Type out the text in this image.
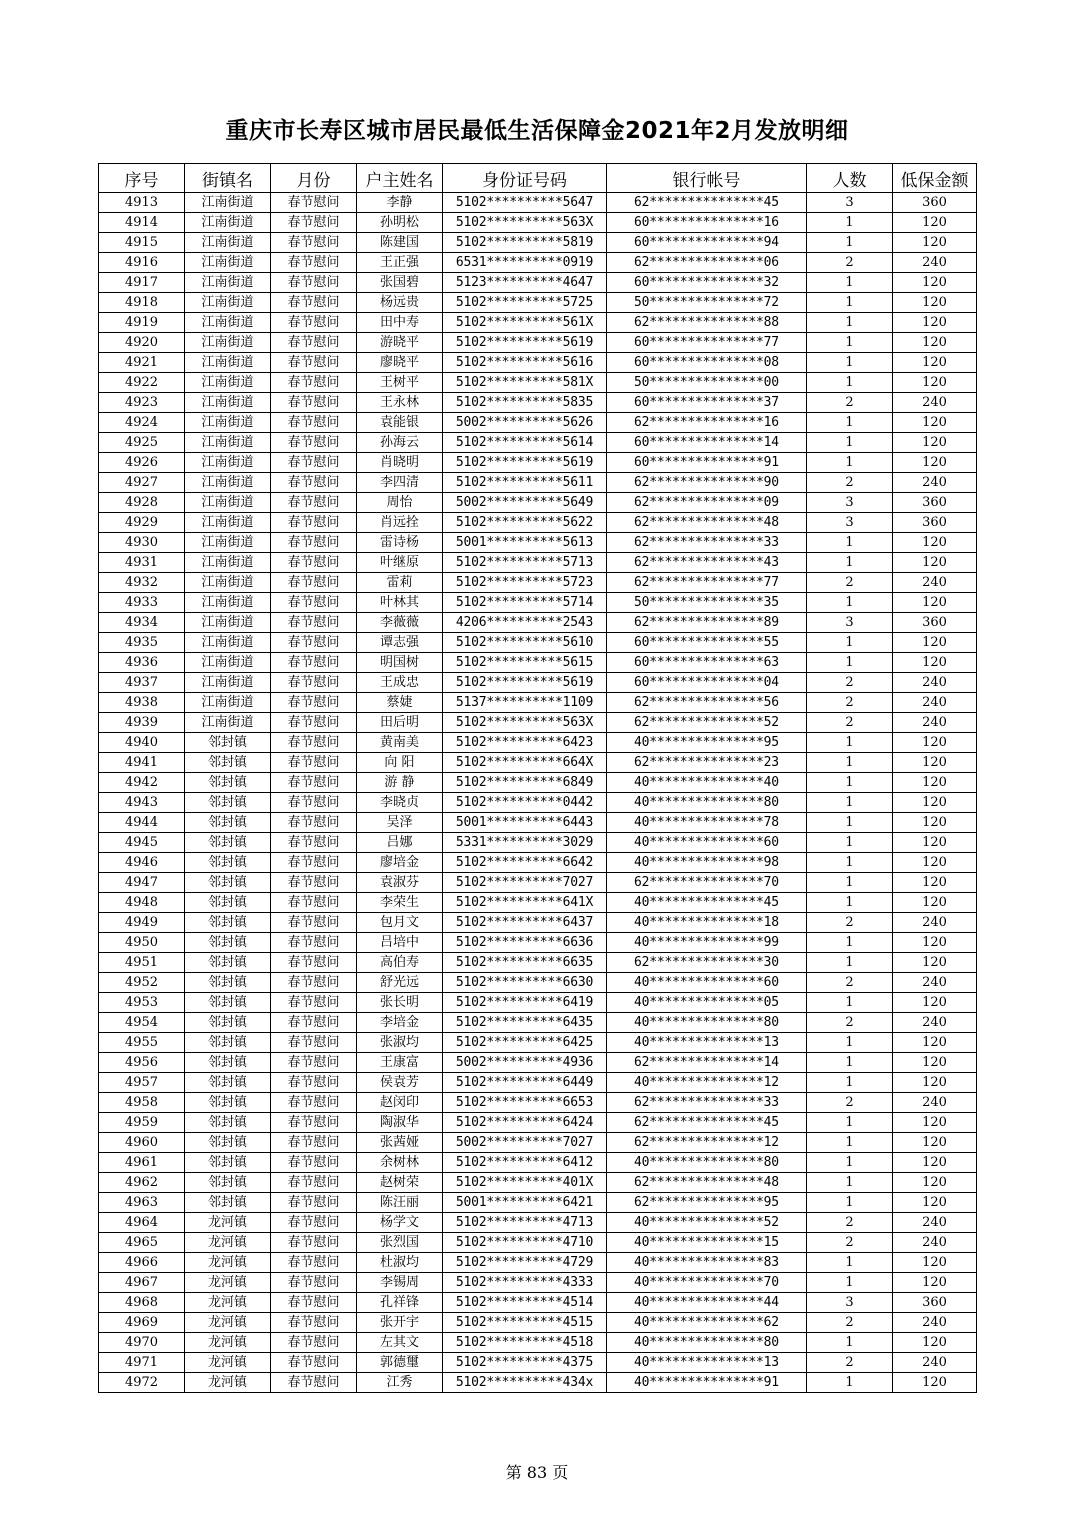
重庆市长寿区城市居民最低生活保障金2021年2月发放明细
序号	街镇名	月份	户主姓名	身份证号码	银行帐号	人数	低保金额
4913	江南街道	春节慰问	李静	5102**********5647	62***************45	3	360
4914	江南街道	春节慰问	孙明松	5102**********563X	60***************16	1	120
4915	江南街道	春节慰问	陈建国	5102**********5819	60***************94	1	120
4916	江南街道	春节慰问	王正强	6531**********0919	62***************06	2	240
4917	江南街道	春节慰问	张国碧	5123**********4647	60***************32	1	120
4918	江南街道	春节慰问	杨远贵	5102**********5725	50***************72	1	120
4919	江南街道	春节慰问	田中寿	5102**********561X	62***************88	1	120
4920	江南街道	春节慰问	游晓平	5102**********5619	60***************77	1	120
4921	江南街道	春节慰问	廖晓平	5102**********5616	60***************08	1	120
4922	江南街道	春节慰问	王树平	5102**********581X	50***************00	1	120
4923	江南街道	春节慰问	王永林	5102**********5835	60***************37	2	240
4924	江南街道	春节慰问	袁能银	5002**********5626	62***************16	1	120
4925	江南街道	春节慰问	孙海云	5102**********5614	60***************14	1	120
4926	江南街道	春节慰问	肖晓明	5102**********5619	60***************91	1	120
4927	江南街道	春节慰问	李四清	5102**********5611	62***************90	2	240
4928	江南街道	春节慰问	周怡	5002**********5649	62***************09	3	360
4929	江南街道	春节慰问	肖远拴	5102**********5622	62***************48	3	360
4930	江南街道	春节慰问	雷诗杨	5001**********5613	62***************33	1	120
4931	江南街道	春节慰问	叶继原	5102**********5713	62***************43	1	120
4932	江南街道	春节慰问	雷莉	5102**********5723	62***************77	2	240
4933	江南街道	春节慰问	叶林其	5102**********5714	50***************35	1	120
4934	江南街道	春节慰问	李薇薇	4206**********2543	62***************89	3	360
4935	江南街道	春节慰问	谭志强	5102**********5610	60***************55	1	120
4936	江南街道	春节慰问	明国树	5102**********5615	60***************63	1	120
4937	江南街道	春节慰问	王成忠	5102**********5619	60***************04	2	240
4938	江南街道	春节慰问	蔡婕	5137**********1109	62***************56	2	240
4939	江南街道	春节慰问	田后明	5102**********563X	62***************52	2	240
4940	邻封镇	春节慰问	黄南美	5102**********6423	40***************95	1	120
4941	邻封镇	春节慰问	向 阳	5102**********664X	62***************23	1	120
4942	邻封镇	春节慰问	游 静	5102**********6849	40***************40	1	120
4943	邻封镇	春节慰问	李晓贞	5102**********0442	40***************80	1	120
4944	邻封镇	春节慰问	吴泽	5001**********6443	40***************78	1	120
4945	邻封镇	春节慰问	吕娜	5331**********3029	40***************60	1	120
4946	邻封镇	春节慰问	廖培金	5102**********6642	40***************98	1	120
4947	邻封镇	春节慰问	袁淑芬	5102**********7027	62***************70	1	120
4948	邻封镇	春节慰问	李荣生	5102**********641X	40***************45	1	120
4949	邻封镇	春节慰问	包月文	5102**********6437	40***************18	2	240
4950	邻封镇	春节慰问	吕培中	5102**********6636	40***************99	1	120
4951	邻封镇	春节慰问	高伯寿	5102**********6635	62***************30	1	120
4952	邻封镇	春节慰问	舒光远	5102**********6630	40***************60	2	240
4953	邻封镇	春节慰问	张长明	5102**********6419	40***************05	1	120
4954	邻封镇	春节慰问	李培金	5102**********6435	40***************80	2	240
4955	邻封镇	春节慰问	张淑均	5102**********6425	40***************13	1	120
4956	邻封镇	春节慰问	王康富	5002**********4936	62***************14	1	120
4957	邻封镇	春节慰问	侯袁芳	5102**********6449	40***************12	1	120
4958	邻封镇	春节慰问	赵闵印	5102**********6653	62***************33	2	240
4959	邻封镇	春节慰问	陶淑华	5102**********6424	62***************45	1	120
4960	邻封镇	春节慰问	张茜娅	5002**********7027	62***************12	1	120
4961	邻封镇	春节慰问	余树林	5102**********6412	40***************80	1	120
4962	邻封镇	春节慰问	赵树荣	5102**********401X	62***************48	1	120
4963	邻封镇	春节慰问	陈汪丽	5001**********6421	62***************95	1	120
4964	龙河镇	春节慰问	杨学文	5102**********4713	40***************52	2	240
4965	龙河镇	春节慰问	张烈国	5102**********4710	40***************15	2	240
4966	龙河镇	春节慰问	杜淑均	5102**********4729	40***************83	1	120
4967	龙河镇	春节慰问	李锡周	5102**********4333	40***************70	1	120
4968	龙河镇	春节慰问	孔祥锋	5102**********4514	40***************44	3	360
4969	龙河镇	春节慰问	张开宇	5102**********4515	40***************62	2	240
4970	龙河镇	春节慰问	左其文	5102**********4518	40***************80	1	120
4971	龙河镇	春节慰问	郭德璽	5102**********4375	40***************13	2	240
4972	龙河镇	春节慰问	江秀	5102**********434x	40***************91	1	120
第 83 页
